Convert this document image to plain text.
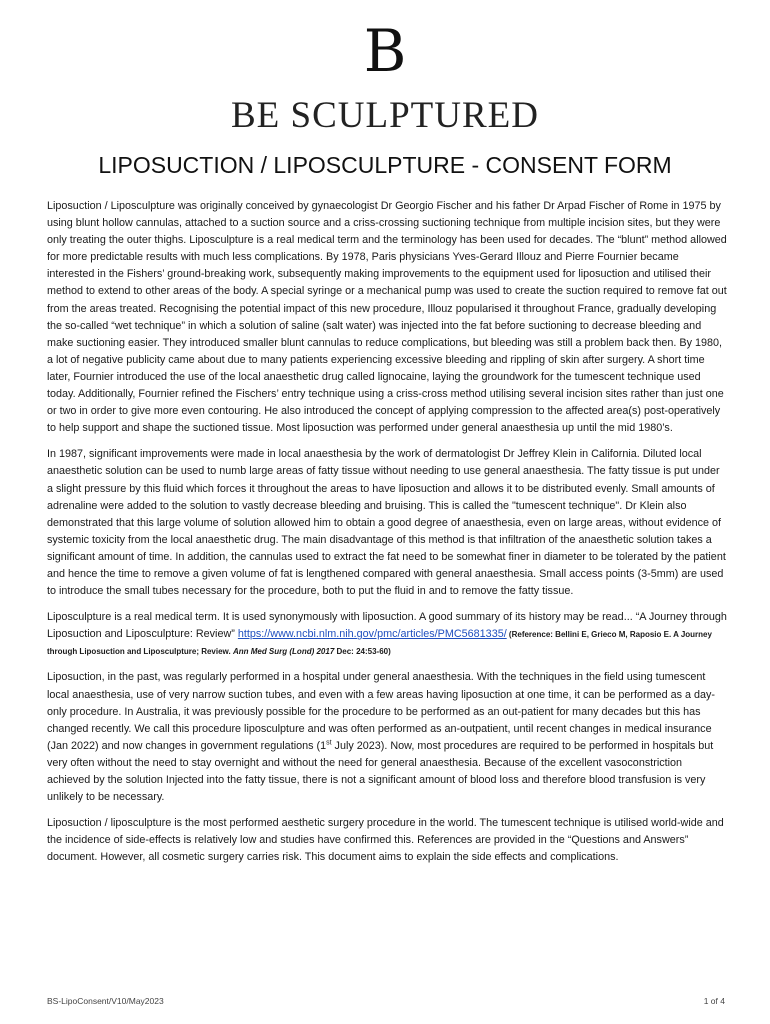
B
BE SCULPTURED
LIPOSUCTION / LIPOSCULPTURE - CONSENT FORM

Liposuction / Liposculpture was originally conceived by gynaecologist Dr Georgio Fischer and his father Dr Arpad Fischer of Rome in 1975 by using blunt hollow cannulas, attached to a suction source and a criss-crossing suctioning technique from multiple incision sites, but they were only treating the outer thighs. Liposculpture is a real medical term and the terminology has been used for decades. The “blunt” method allowed for more predictable results with much less complications. By 1978, Paris physicians Yves-Gerard Illouz and Pierre Fournier became interested in the Fishers’ ground-breaking work, subsequently making improvements to the equipment used for liposuction and utilised their method to extend to other areas of the body. A special syringe or a mechanical pump was used to create the suction required to remove fat out from the areas treated. Recognising the potential impact of this new procedure, Illouz popularised it throughout France, gradually developing the so-called “wet technique” in which a solution of saline (salt water) was injected into the fat before suctioning to decrease bleeding and make suctioning easier. They introduced smaller blunt cannulas to reduce complications, but bleeding was still a problem back then. By 1980, a lot of negative publicity came about due to many patients experiencing excessive bleeding and rippling of skin after surgery. A short time later, Fournier introduced the use of the local anaesthetic drug called lignocaine, laying the groundwork for the tumescent technique used today. Additionally, Fournier refined the Fischers’ entry technique using a criss-cross method utilising several incision sites rather than just one or two in order to give more even contouring. He also introduced the concept of applying compression to the affected area(s) post-operatively to help support and shape the suctioned tissue. Most liposuction was performed under general anaesthesia up until the mid 1980’s.

In 1987, significant improvements were made in local anaesthesia by the work of dermatologist Dr Jeffrey Klein in California. Diluted local anaesthetic solution can be used to numb large areas of fatty tissue without needing to use general anaesthesia. The fatty tissue is put under a slight pressure by this fluid which forces it throughout the areas to have liposuction and allows it to be distributed evenly. Small amounts of adrenaline were added to the solution to vastly decrease bleeding and bruising. This is called the "tumescent technique". Dr Klein also demonstrated that this large volume of solution allowed him to obtain a good degree of anaesthesia, even on large areas, without evidence of systemic toxicity from the local anaesthetic drug. The main disadvantage of this method is that infiltration of the anaesthetic solution takes a significant amount of time. In addition, the cannulas used to extract the fat need to be somewhat finer in diameter to be tolerated by the patient and hence the time to remove a given volume of fat is lengthened compared with general anaesthesia. Small access points (3-5mm) are used to introduce the small tubes necessary for the procedure, both to put the fluid in and to remove the fatty tissue.

Liposculpture is a real medical term. It is used synonymously with liposuction. A good summary of its history may be read... “A Journey through Liposuction and Liposculpture: Review” https://www.ncbi.nlm.nih.gov/pmc/articles/PMC5681335/ (Reference: Bellini E, Grieco M, Raposio E. A Journey through Liposuction and Liposculpture; Review. Ann Med Surg (Lond) 2017 Dec: 24:53-60)

Liposuction, in the past, was regularly performed in a hospital under general anaesthesia. With the techniques in the field using tumescent local anaesthesia, use of very narrow suction tubes, and even with a few areas having liposuction at one time, it can be performed as a day-only procedure. In Australia, it was previously possible for the procedure to be performed as an out-patient for many decades but this has changed recently. We call this procedure liposculpture and was often performed as an-outpatient, until recent changes in medical insurance (Jan 2022) and now changes in government regulations (1st July 2023). Now, most procedures are required to be performed in hospitals but very often without the need to stay overnight and without the need for general anaesthesia. Because of the excellent vasoconstriction achieved by the solution Injected into the fatty tissue, there is not a significant amount of blood loss and therefore blood transfusion is very unlikely to be necessary.

Liposuction / liposculpture is the most performed aesthetic surgery procedure in the world. The tumescent technique is utilised world-wide and the incidence of side-effects is relatively low and studies have confirmed this. References are provided in the “Questions and Answers” document. However, all cosmetic surgery carries risk. This document aims to explain the side effects and complications.

BS-LipoConsent/V10/May2023	1 of 4
